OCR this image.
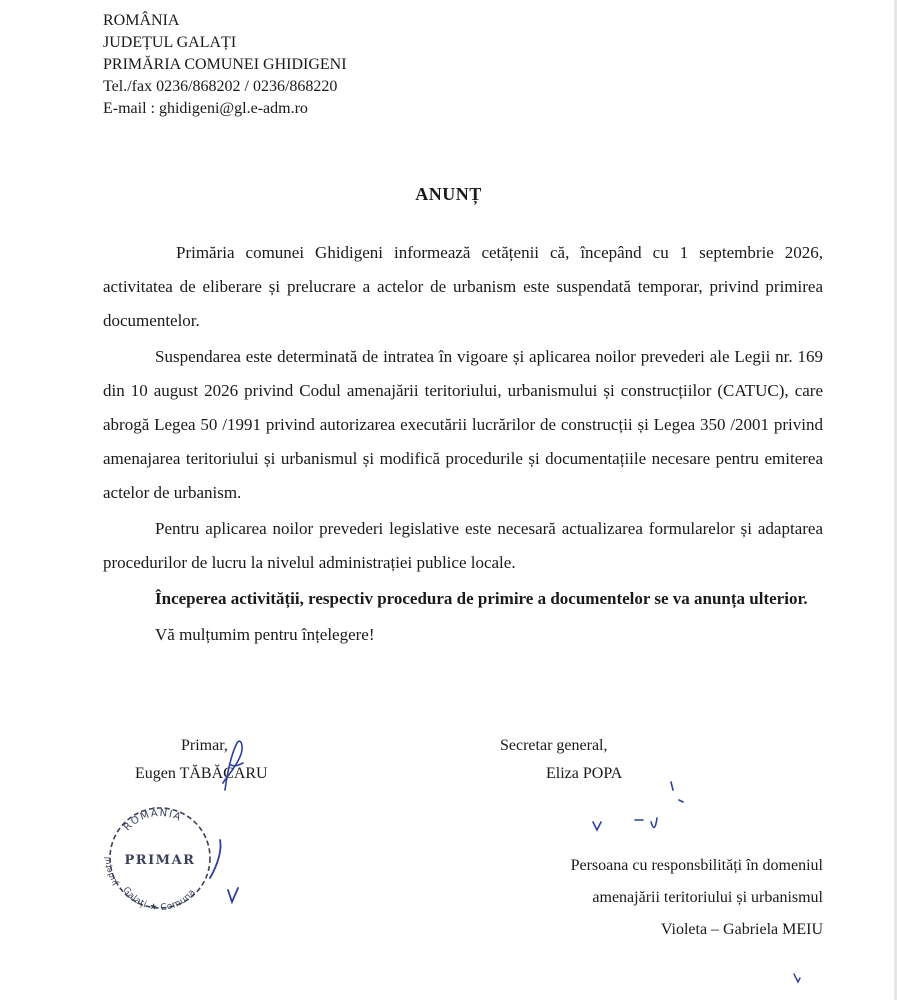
ROMÂNIA
JUDEȚUL GALAȚI
PRIMĂRIA COMUNEI GHIDIGENI
Tel./fax 0236/868202 / 0236/868220
E-mail : ghidigeni@gl.e-adm.ro
ANUNȚ

Primăria comunei Ghidigeni informează cetățenii că, începând cu 1 septembrie 2026, activitatea de eliberare și prelucrare a actelor de urbanism este suspendată temporar, privind primirea documentelor.

Suspendarea este determinată de intratea în vigoare și aplicarea noilor prevederi ale Legii nr. 169 din 10 august 2026 privind Codul amenajării teritoriului, urbanismului și construcțiilor (CATUC), care abrogă Legea 50 /1991 privind autorizarea executării lucrărilor de construcții și Legea 350 /2001 privind amenajarea teritoriului și urbanismul și modifică procedurile și documentațiile necesare pentru emiterea actelor de urbanism.

Pentru aplicarea noilor prevederi legislative este necesară actualizarea formularelor și adaptarea procedurilor de lucru la nivelul administrației publice locale.

Începerea activității, respectiv procedura de primire a documentelor se va anunța ulterior.

Vă mulțumim pentru înțelegere!

Primar,
Eugen TĂBĂCARU
Secretar general,
Eliza POPA
Persoana cu responsbilități în domeniul
amenajării teritoriului și urbanismul
Violeta – Gabriela MEIU
ROMÂNIA
Județul
Galați ★ Comuna
PRIMAR
